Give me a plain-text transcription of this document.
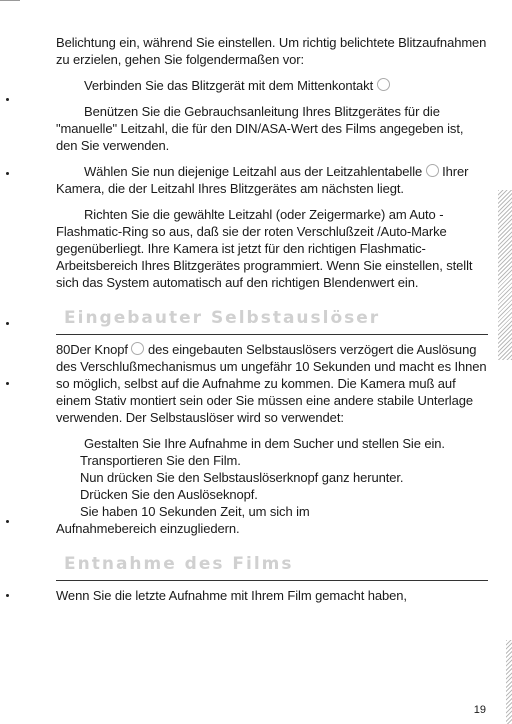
Belichtung ein, während Sie einstellen. Um richtig belichtete Blitzaufnahmen zu erzielen, gehen Sie folgendermaßen vor:

Verbinden Sie das Blitzgerät mit dem Mittenkontakt

Benützen Sie die Gebrauchsanleitung Ihres Blitzgerätes für die "manuelle" Leitzahl, die für den DIN/ASA-Wert des Films angegeben ist, den Sie verwenden.

Wählen Sie nun diejenige Leitzahl aus der Leitzahlentabelle Ihrer Kamera, die der Leitzahl Ihres Blitzgerätes am nächsten liegt.

Richten Sie die gewählte Leitzahl (oder Zeigermarke) am Auto -Flashmatic-Ring so aus, daß sie der roten Verschlußzeit /Auto-Marke gegenüberliegt. Ihre Kamera ist jetzt für den richtigen Flashmatic-Arbeitsbereich Ihres Blitzgerätes programmiert. Wenn Sie einstellen, stellt sich das System automatisch auf den richtigen Blendenwert ein.

Eingebauter Selbstauslöser

80Der Knopf des eingebauten Selbstauslösers verzögert die Auslösung des Verschlußmechanismus um ungefähr 10 Sekunden und macht es Ihnen so möglich, selbst auf die Aufnahme zu kommen. Die Kamera muß auf einem Stativ montiert sein oder Sie müssen eine andere stabile Unterlage verwenden. Der Selbstauslöser wird so verwendet:

Gestalten Sie Ihre Aufnahme in dem Sucher und stellen Sie ein.

Transportieren Sie den Film.

Nun drücken Sie den Selbstauslöserknopf ganz herunter.

Drücken Sie den Auslöseknopf.

Sie haben 10 Sekunden Zeit, um sich im

Aufnahmebereich einzugliedern.

Entnahme des Films

Wenn Sie die letzte Aufnahme mit Ihrem Film gemacht haben,

19
